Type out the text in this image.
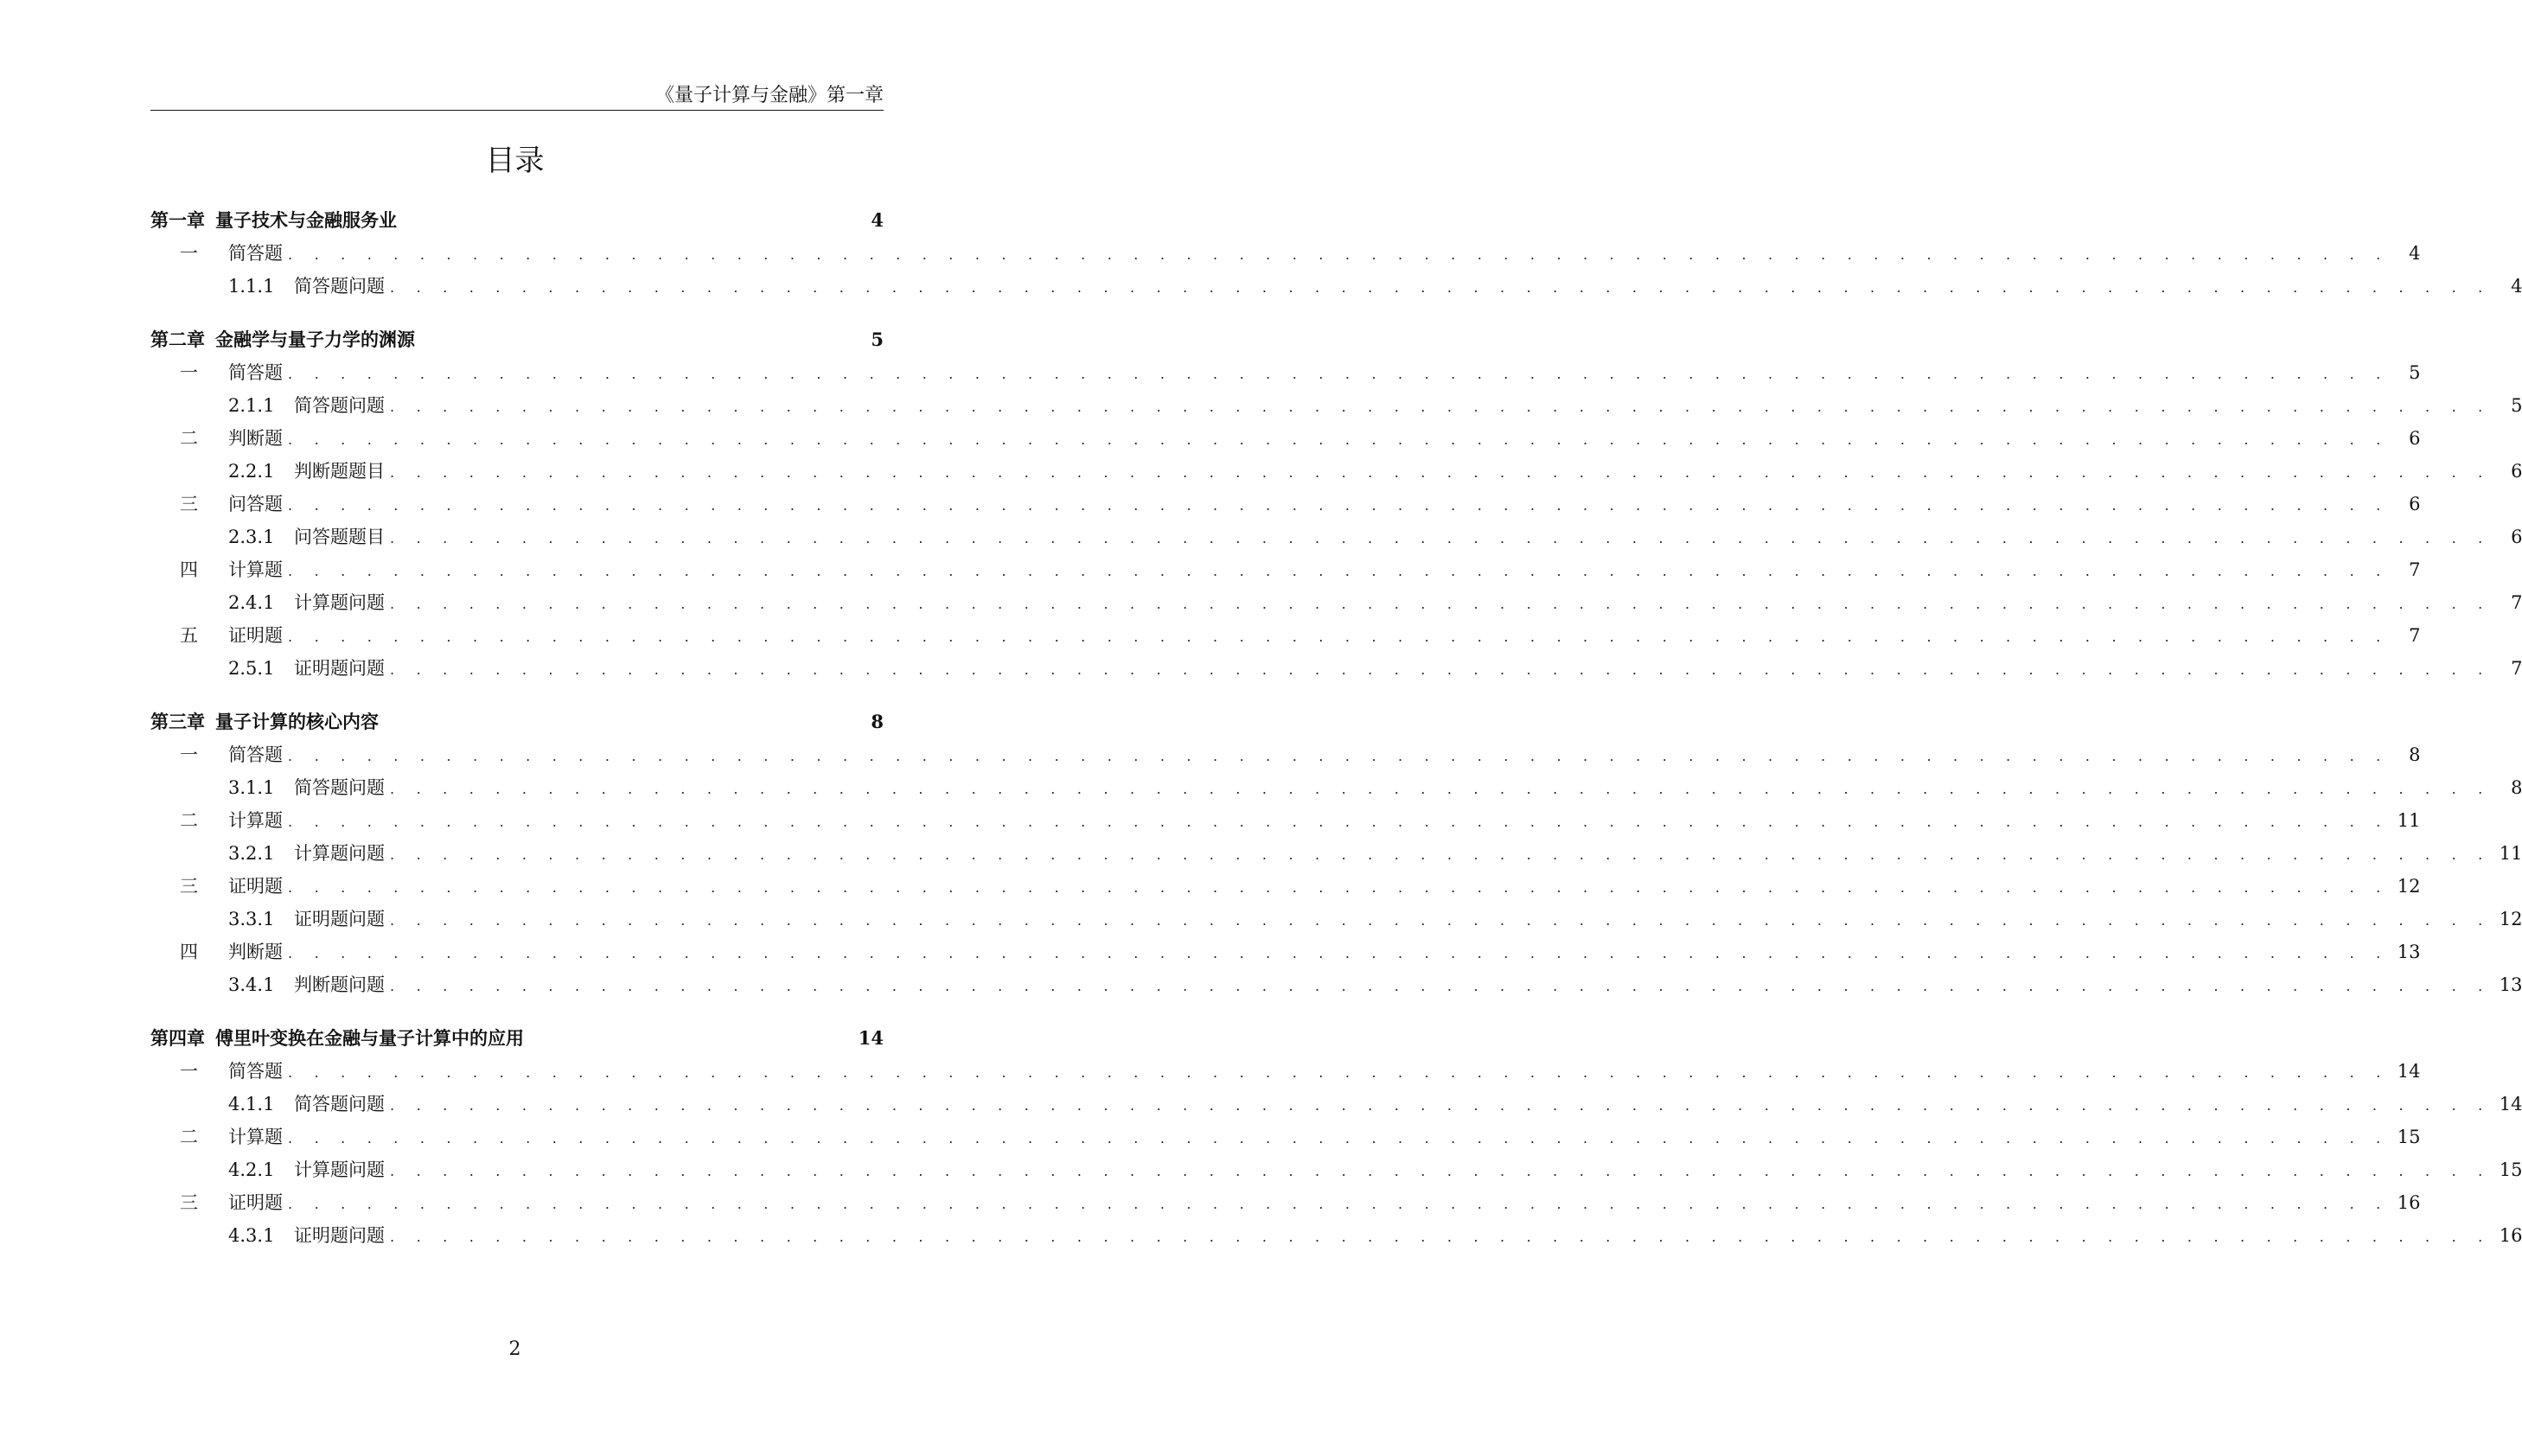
《量子计算与金融》第一章
目录
第一章 量子技术与金融服务业	4
一 简答题 . . . . . . . . . . . . . . . . . . . . . . . . . . . . . . . . . . . . . . . . . . . . . . . . . . . . . . . . . . . . . . . . . . . . . . . . . . . . . . . .	4
1.1.1 简答题问题 . . . . . . . . . . . . . . . . . . . . . . . . . . . . . . . . . . . . . . . . . . . . . . . . . . . . . . . . . . . . . . . . . . . . . . . . . . . . . . . .	4
第二章 金融学与量子力学的渊源	5
一 简答题 . . . . . . . . . . . . . . . . . . . . . . . . . . . . . . . . . . . . . . . . . . . . . . . . . . . . . . . . . . . . . . . . . . . . . . . . . . . . . . . .	5
2.1.1 简答题问题 . . . . . . . . . . . . . . . . . . . . . . . . . . . . . . . . . . . . . . . . . . . . . . . . . . . . . . . . . . . . . . . . . . . . . . . . . . . . . . . .	5
二 判断题 . . . . . . . . . . . . . . . . . . . . . . . . . . . . . . . . . . . . . . . . . . . . . . . . . . . . . . . . . . . . . . . . . . . . . . . . . . . . . . . .	6
2.2.1 判断题题目 . . . . . . . . . . . . . . . . . . . . . . . . . . . . . . . . . . . . . . . . . . . . . . . . . . . . . . . . . . . . . . . . . . . . . . . . . . . . . . . .	6
三 问答题 . . . . . . . . . . . . . . . . . . . . . . . . . . . . . . . . . . . . . . . . . . . . . . . . . . . . . . . . . . . . . . . . . . . . . . . . . . . . . . . .	6
2.3.1 问答题题目 . . . . . . . . . . . . . . . . . . . . . . . . . . . . . . . . . . . . . . . . . . . . . . . . . . . . . . . . . . . . . . . . . . . . . . . . . . . . . . . .	6
四 计算题 . . . . . . . . . . . . . . . . . . . . . . . . . . . . . . . . . . . . . . . . . . . . . . . . . . . . . . . . . . . . . . . . . . . . . . . . . . . . . . . .	7
2.4.1 计算题问题 . . . . . . . . . . . . . . . . . . . . . . . . . . . . . . . . . . . . . . . . . . . . . . . . . . . . . . . . . . . . . . . . . . . . . . . . . . . . . . . .	7
五 证明题 . . . . . . . . . . . . . . . . . . . . . . . . . . . . . . . . . . . . . . . . . . . . . . . . . . . . . . . . . . . . . . . . . . . . . . . . . . . . . . . .	7
2.5.1 证明题问题 . . . . . . . . . . . . . . . . . . . . . . . . . . . . . . . . . . . . . . . . . . . . . . . . . . . . . . . . . . . . . . . . . . . . . . . . . . . . . . . .	7
第三章 量子计算的核心内容	8
一 简答题 . . . . . . . . . . . . . . . . . . . . . . . . . . . . . . . . . . . . . . . . . . . . . . . . . . . . . . . . . . . . . . . . . . . . . . . . . . . . . . . .	8
3.1.1 简答题问题 . . . . . . . . . . . . . . . . . . . . . . . . . . . . . . . . . . . . . . . . . . . . . . . . . . . . . . . . . . . . . . . . . . . . . . . . . . . . . . . .	8
二 计算题 . . . . . . . . . . . . . . . . . . . . . . . . . . . . . . . . . . . . . . . . . . . . . . . . . . . . . . . . . . . . . . . . . . . . . . . . . . . . . . . . 11
3.2.1 计算题问题 . . . . . . . . . . . . . . . . . . . . . . . . . . . . . . . . . . . . . . . . . . . . . . . . . . . . . . . . . . . . . . . . . . . . . . . . . . . . . . . . 11
三 证明题 . . . . . . . . . . . . . . . . . . . . . . . . . . . . . . . . . . . . . . . . . . . . . . . . . . . . . . . . . . . . . . . . . . . . . . . . . . . . . . . . 12
3.3.1 证明题问题 . . . . . . . . . . . . . . . . . . . . . . . . . . . . . . . . . . . . . . . . . . . . . . . . . . . . . . . . . . . . . . . . . . . . . . . . . . . . . . . . 12
四 判断题 . . . . . . . . . . . . . . . . . . . . . . . . . . . . . . . . . . . . . . . . . . . . . . . . . . . . . . . . . . . . . . . . . . . . . . . . . . . . . . . . 13
3.4.1 判断题问题 . . . . . . . . . . . . . . . . . . . . . . . . . . . . . . . . . . . . . . . . . . . . . . . . . . . . . . . . . . . . . . . . . . . . . . . . . . . . . . . . 13
第四章 傅里叶变换在金融与量子计算中的应用	14
一 简答题 . . . . . . . . . . . . . . . . . . . . . . . . . . . . . . . . . . . . . . . . . . . . . . . . . . . . . . . . . . . . . . . . . . . . . . . . . . . . . . . . 14
4.1.1 简答题问题 . . . . . . . . . . . . . . . . . . . . . . . . . . . . . . . . . . . . . . . . . . . . . . . . . . . . . . . . . . . . . . . . . . . . . . . . . . . . . . . . 14
二 计算题 . . . . . . . . . . . . . . . . . . . . . . . . . . . . . . . . . . . . . . . . . . . . . . . . . . . . . . . . . . . . . . . . . . . . . . . . . . . . . . . . 15
4.2.1 计算题问题 . . . . . . . . . . . . . . . . . . . . . . . . . . . . . . . . . . . . . . . . . . . . . . . . . . . . . . . . . . . . . . . . . . . . . . . . . . . . . . . . 15
三 证明题 . . . . . . . . . . . . . . . . . . . . . . . . . . . . . . . . . . . . . . . . . . . . . . . . . . . . . . . . . . . . . . . . . . . . . . . . . . . . . . . . 16
4.3.1 证明题问题 . . . . . . . . . . . . . . . . . . . . . . . . . . . . . . . . . . . . . . . . . . . . . . . . . . . . . . . . . . . . . . . . . . . . . . . . . . . . . . . . 16
2
